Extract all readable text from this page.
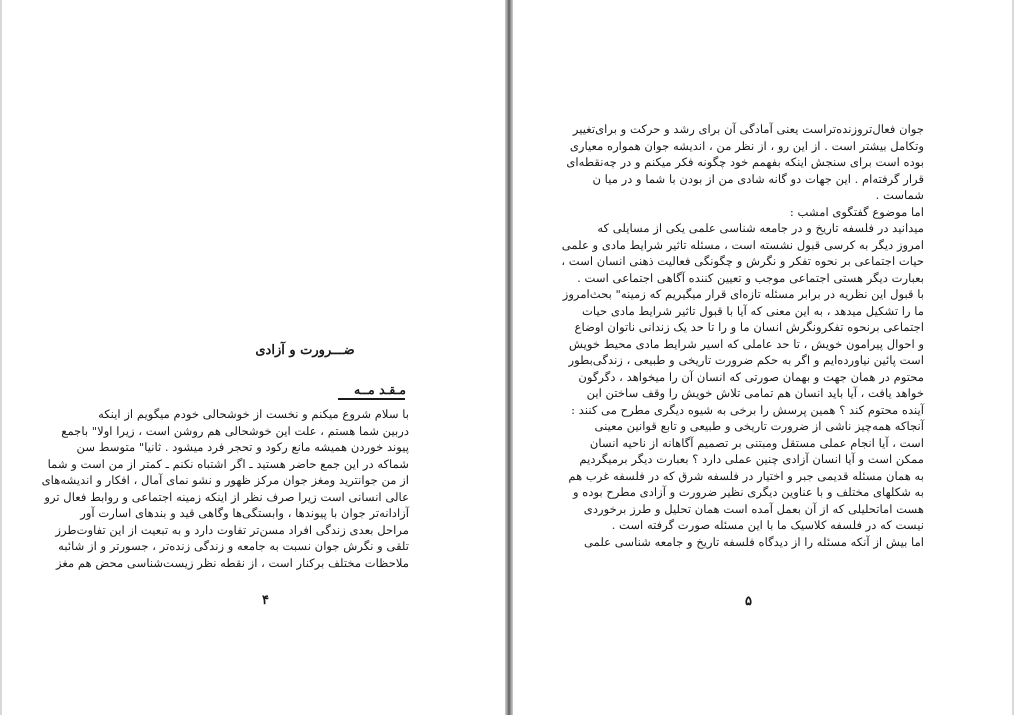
ضـــرورت و آزادی
مـقـد مــه
با سلام شروع میکنم و نخست از خوشحالی خودم میگویم از اینکه
دربین شما هستم ، علت این خوشحالی هم روشن است ، زیرا اولا" باجمع
پیوند خوردن همیشه مانع رکود و تحجر فرد میشود . ثانیا" متوسط سن
شماکه در این جمع حاضر هستید ـ اگر اشتباه نکنم ـ کمتر از من است و شما
از من جوانترید ومغز جوان مرکز ظهور و نشو نمای آمال ، افکار و اندیشه‌های
عالی انسانی است زیرا صرف نظر از اینکه زمینه اجتماعی و روابط فعال ترو
آزادانه‌تر جوان با پیوندها ، وابستگی‌ها وگاهی قید و بندهای اسارت آور
مراحل بعدی زندگی افراد مسن‌تر تفاوت دارد و به تبعیت از این تفاوت‌طرز
تلقی و نگرش جوان نسبت به جامعه و زندگی زنده‌تر ، جسورتر و از شائبه
ملاحظات مختلف برکنار است ، از نقطه نظر زیست‌شناسی محض هم مغز
۴
جوان فعال‌تروزنده‌تراست یعنی آمادگی آن برای رشد و حرکت و برای‌تغییر
وتکامل بیشتر است . از این رو ، از نظر من ، اندیشه جوان همواره معیاری
بوده است برای سنجش اینکه بفهمم خود چگونه فکر میکنم و در چه‌نقطه‌ای
قرار گرفته‌ام . این جهات دو گانه شادی من از بودن با شما و در میا ن
شماست .
اما موضوع گفتگوی امشب :
میدانید در فلسفه تاریخ و در جامعه شناسی علمی یکی از مسایلی که
امروز دیگر به کرسی قبول نشسته است ، مسئله تاثیر شرایط مادی و علمی
حیات اجتماعی بر نحوه تفکر و نگرش و چگونگی فعالیت ذهنی انسان است ،
بعبارت دیگر هستی اجتماعی موجب و تعیین کننده آگاهی اجتماعی است .
با قبول این نظریه در برابر مسئله تازه‌ای قرار میگیریم که زمینه" بحث‌امروز
ما را تشکیل میدهد ، به این معنی که آیا با قبول تاثیر شرایط مادی حیات
اجتماعی برنحوه تفکرونگرش انسان ما و را تا حد یک زندانی ناتوان اوضاع
و احوال پیرامون خویش ، تا حد عاملی که اسیر شرایط مادی محیط خویش
است پائین نیاورده‌ایم و اگر به حکم ضرورت تاریخی و طبیعی ، زندگی‌بطور
محتوم در همان جهت و بهمان صورتی که انسان آن را میخواهد ، دگرگون
خواهد یافت ، آیا باید انسان هم تمامی تلاش خویش را وقف ساختن این
آینده محتوم کند ؟ همین پرسش را برخی به شیوه دیگری مطرح می کنند :
آنجاکه همه‌چیز ناشی از ضرورت تاریخی و طبیعی و تابع قوانین معینی
است ، آیا انجام عملی مستقل ومبتنی بر تصمیم آگاهانه از ناحیه انسان
ممکن است و آیا انسان آزادی چنین عملی دارد ؟ بعبارت دیگر برمیگردیم
به همان مسئله قدیمی جبر و اختیار در فلسفه شرق که در فلسفه غرب هم
به شکلهای مختلف و با عناوین دیگری نظیر ضرورت و آزادی مطرح بوده و
هست اما‌تحلیلی که از آن بعمل آمده است همان تحلیل و طرز برخوردی
نیست که در فلسفه کلاسیک ما با این مسئله صورت گرفته است .
اما بیش از آنکه مسئله را از دیدگاه فلسفه تاریخ و جامعه شناسی علمی
۵
